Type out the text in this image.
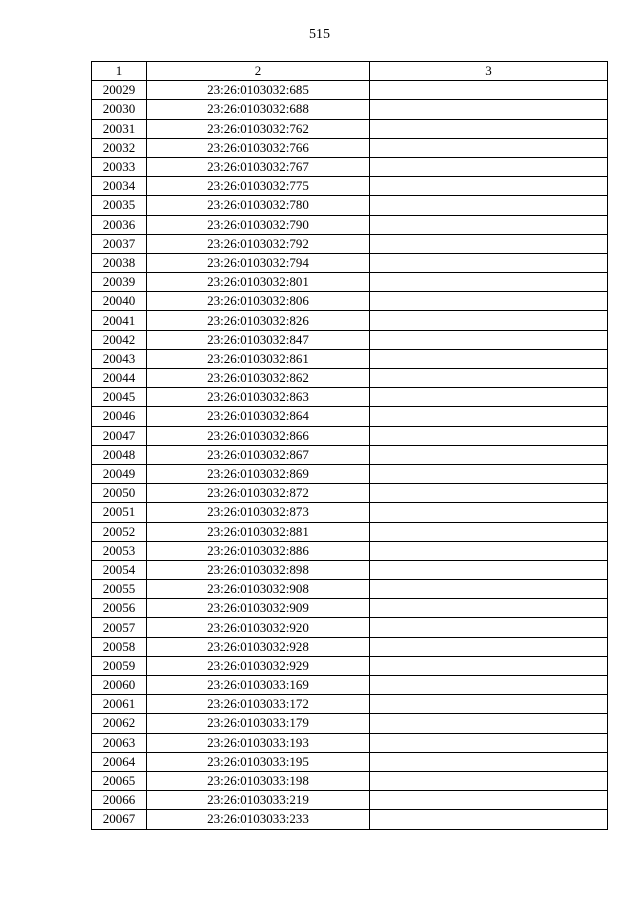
515
1	2	3
20029	23:26:0103032:685	
20030	23:26:0103032:688	
20031	23:26:0103032:762	
20032	23:26:0103032:766	
20033	23:26:0103032:767	
20034	23:26:0103032:775	
20035	23:26:0103032:780	
20036	23:26:0103032:790	
20037	23:26:0103032:792	
20038	23:26:0103032:794	
20039	23:26:0103032:801	
20040	23:26:0103032:806	
20041	23:26:0103032:826	
20042	23:26:0103032:847	
20043	23:26:0103032:861	
20044	23:26:0103032:862	
20045	23:26:0103032:863	
20046	23:26:0103032:864	
20047	23:26:0103032:866	
20048	23:26:0103032:867	
20049	23:26:0103032:869	
20050	23:26:0103032:872	
20051	23:26:0103032:873	
20052	23:26:0103032:881	
20053	23:26:0103032:886	
20054	23:26:0103032:898	
20055	23:26:0103032:908	
20056	23:26:0103032:909	
20057	23:26:0103032:920	
20058	23:26:0103032:928	
20059	23:26:0103032:929	
20060	23:26:0103033:169	
20061	23:26:0103033:172	
20062	23:26:0103033:179	
20063	23:26:0103033:193	
20064	23:26:0103033:195	
20065	23:26:0103033:198	
20066	23:26:0103033:219	
20067	23:26:0103033:233	
